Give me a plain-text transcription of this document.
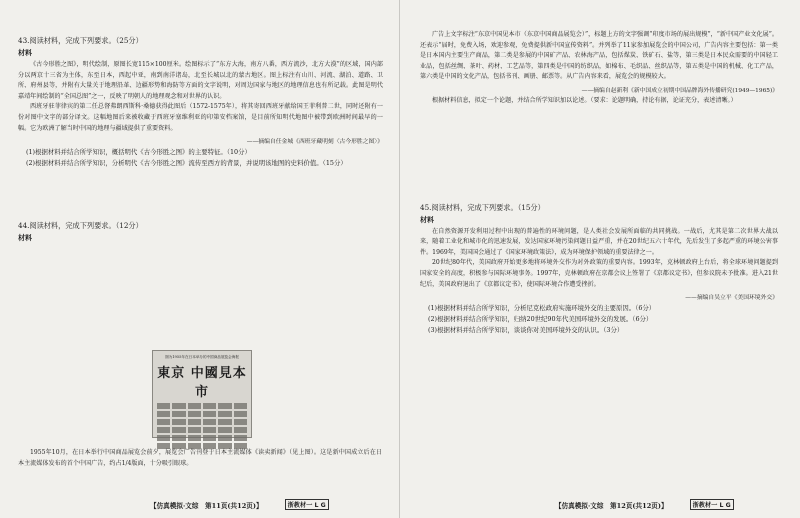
43.阅读材料，完成下列要求。（25分）

材料

《古今形胜之图》，明代绘制，原图长宽115×100厘米。绘图标示了“东方大海，南方八番，西方流沙，北方大漠”的区域，国内部分以两京十三省为主体，东至日本，西起中亚，南到南洋诸岛，北至长城以北的蒙古地区。图上标注有山川、河流、湖泊、道路、卫所、府州县等，并附有大量关于地理沿革、边疆形势和海防等方面的文字说明，对周边国家与地区的地理信息也有所记载。此图是明代嘉靖年间绘制的“全国总图”之一，反映了明朝人的地理观念和对世界的认识。

西班牙驻菲律宾的第二任总督弗朗西斯科·桑德获得此图后（1572-1575年），将其寄回西班牙献给国王菲利普二世，同时还附有一份对图中文字的部分译文。这幅地图后来被收藏于西班牙塞维利亚的印第安档案馆，是目前所知明代地图中被带到欧洲时间最早的一幅。它为欧洲了解当时中国的地理与疆域提供了重要资料。

——摘编自任金城《西班牙藏明刻〈古今形胜之图〉》

(1)根据材料并结合所学知识，概括明代《古今形胜之图》的主要特征。（10分）

(2)根据材料并结合所学知识，分析明代《古今形胜之图》流传至西方的背景，并说明该地图的史料价值。（15分）

44.阅读材料，完成下列要求。（12分）

材料

图为1955年在日本举办的中国商品展览会海报

東京 中國見本市

1955年10月，在日本举行中国商品展览会前夕，展览会广告刊登于日本主流媒体《读卖新闻》（见上图）。这是新中国成立后在日本主流媒体发布的首个中国广告，约占1/4版面，十分吸引眼球。

【仿真模拟·文综　第11页(共12页)】	浙教材一 L G

广告上文字标注“东京中国见本市（东京中国商品展览会）”，标题上方的文字强调“印度市场的展出规模”，“新中国产业文化展”。还表示“届时，免费入场，欢迎参观，免费提供新中国宣传资料”。并列举了11家参加展览会的中国公司，广告内容主要包括：第一类是日本国内主要生产商品，第二类是参展的中国矿产品、农林海产品，包括煤炭、铁矿石、盐等，第三类是日本民众需要的中国轻工业品，包括丝绸、茶叶、药材、工艺品等，第四类是中国的纺织品，如棉布、毛织品、丝织品等，第五类是中国的机械、化工产品，第六类是中国的文化产品，包括书刊、画册、邮票等。从广告内容来看，展览会的规模较大。

——摘编自赵新利《新中国成立初期中国品牌海外传播研究(1949—1965)》

根据材料信息，拟定一个论题，并结合所学知识加以论述。（要求：论题明确，持论有据，论证充分，表述清晰。）

45.阅读材料，完成下列要求。（15分）

材料

在自然资源开发利用过程中出现的普遍性的环境问题，是人类社会发展所面临的共同挑战。一战后，尤其是第二次世界大战以来，随着工业化和城市化的迅速发展，发达国家环境污染问题日益严重，并在20世纪五六十年代，先后发生了多起严重的环境公害事件。1969年，美国国会通过了《国家环境政策法》，成为环境保护领域的重要法律之一。

20世纪80年代，美国政府开始更多地将环境外交作为对外政策的重要内容。1993年，克林顿政府上台后，将全球环境问题提到国家安全的高度，积极参与国际环境事务。1997年，克林顿政府在京都会议上签署了《京都议定书》，但参议院未予批准。进入21世纪后，美国政府退出了《京都议定书》，使国际环境合作遭受挫折。

——摘编自吴立平《美国环境外交》

(1)根据材料并结合所学知识，分析尼克松政府实施环境外交的主要原因。（6分）

(2)根据材料并结合所学知识，归纳20世纪90年代美国环境外交的发展。（6分）

(3)根据材料并结合所学知识，谈谈你对美国环境外交的认识。（3分）

【仿真模拟·文综　第12页(共12页)】	浙教材一 L G
